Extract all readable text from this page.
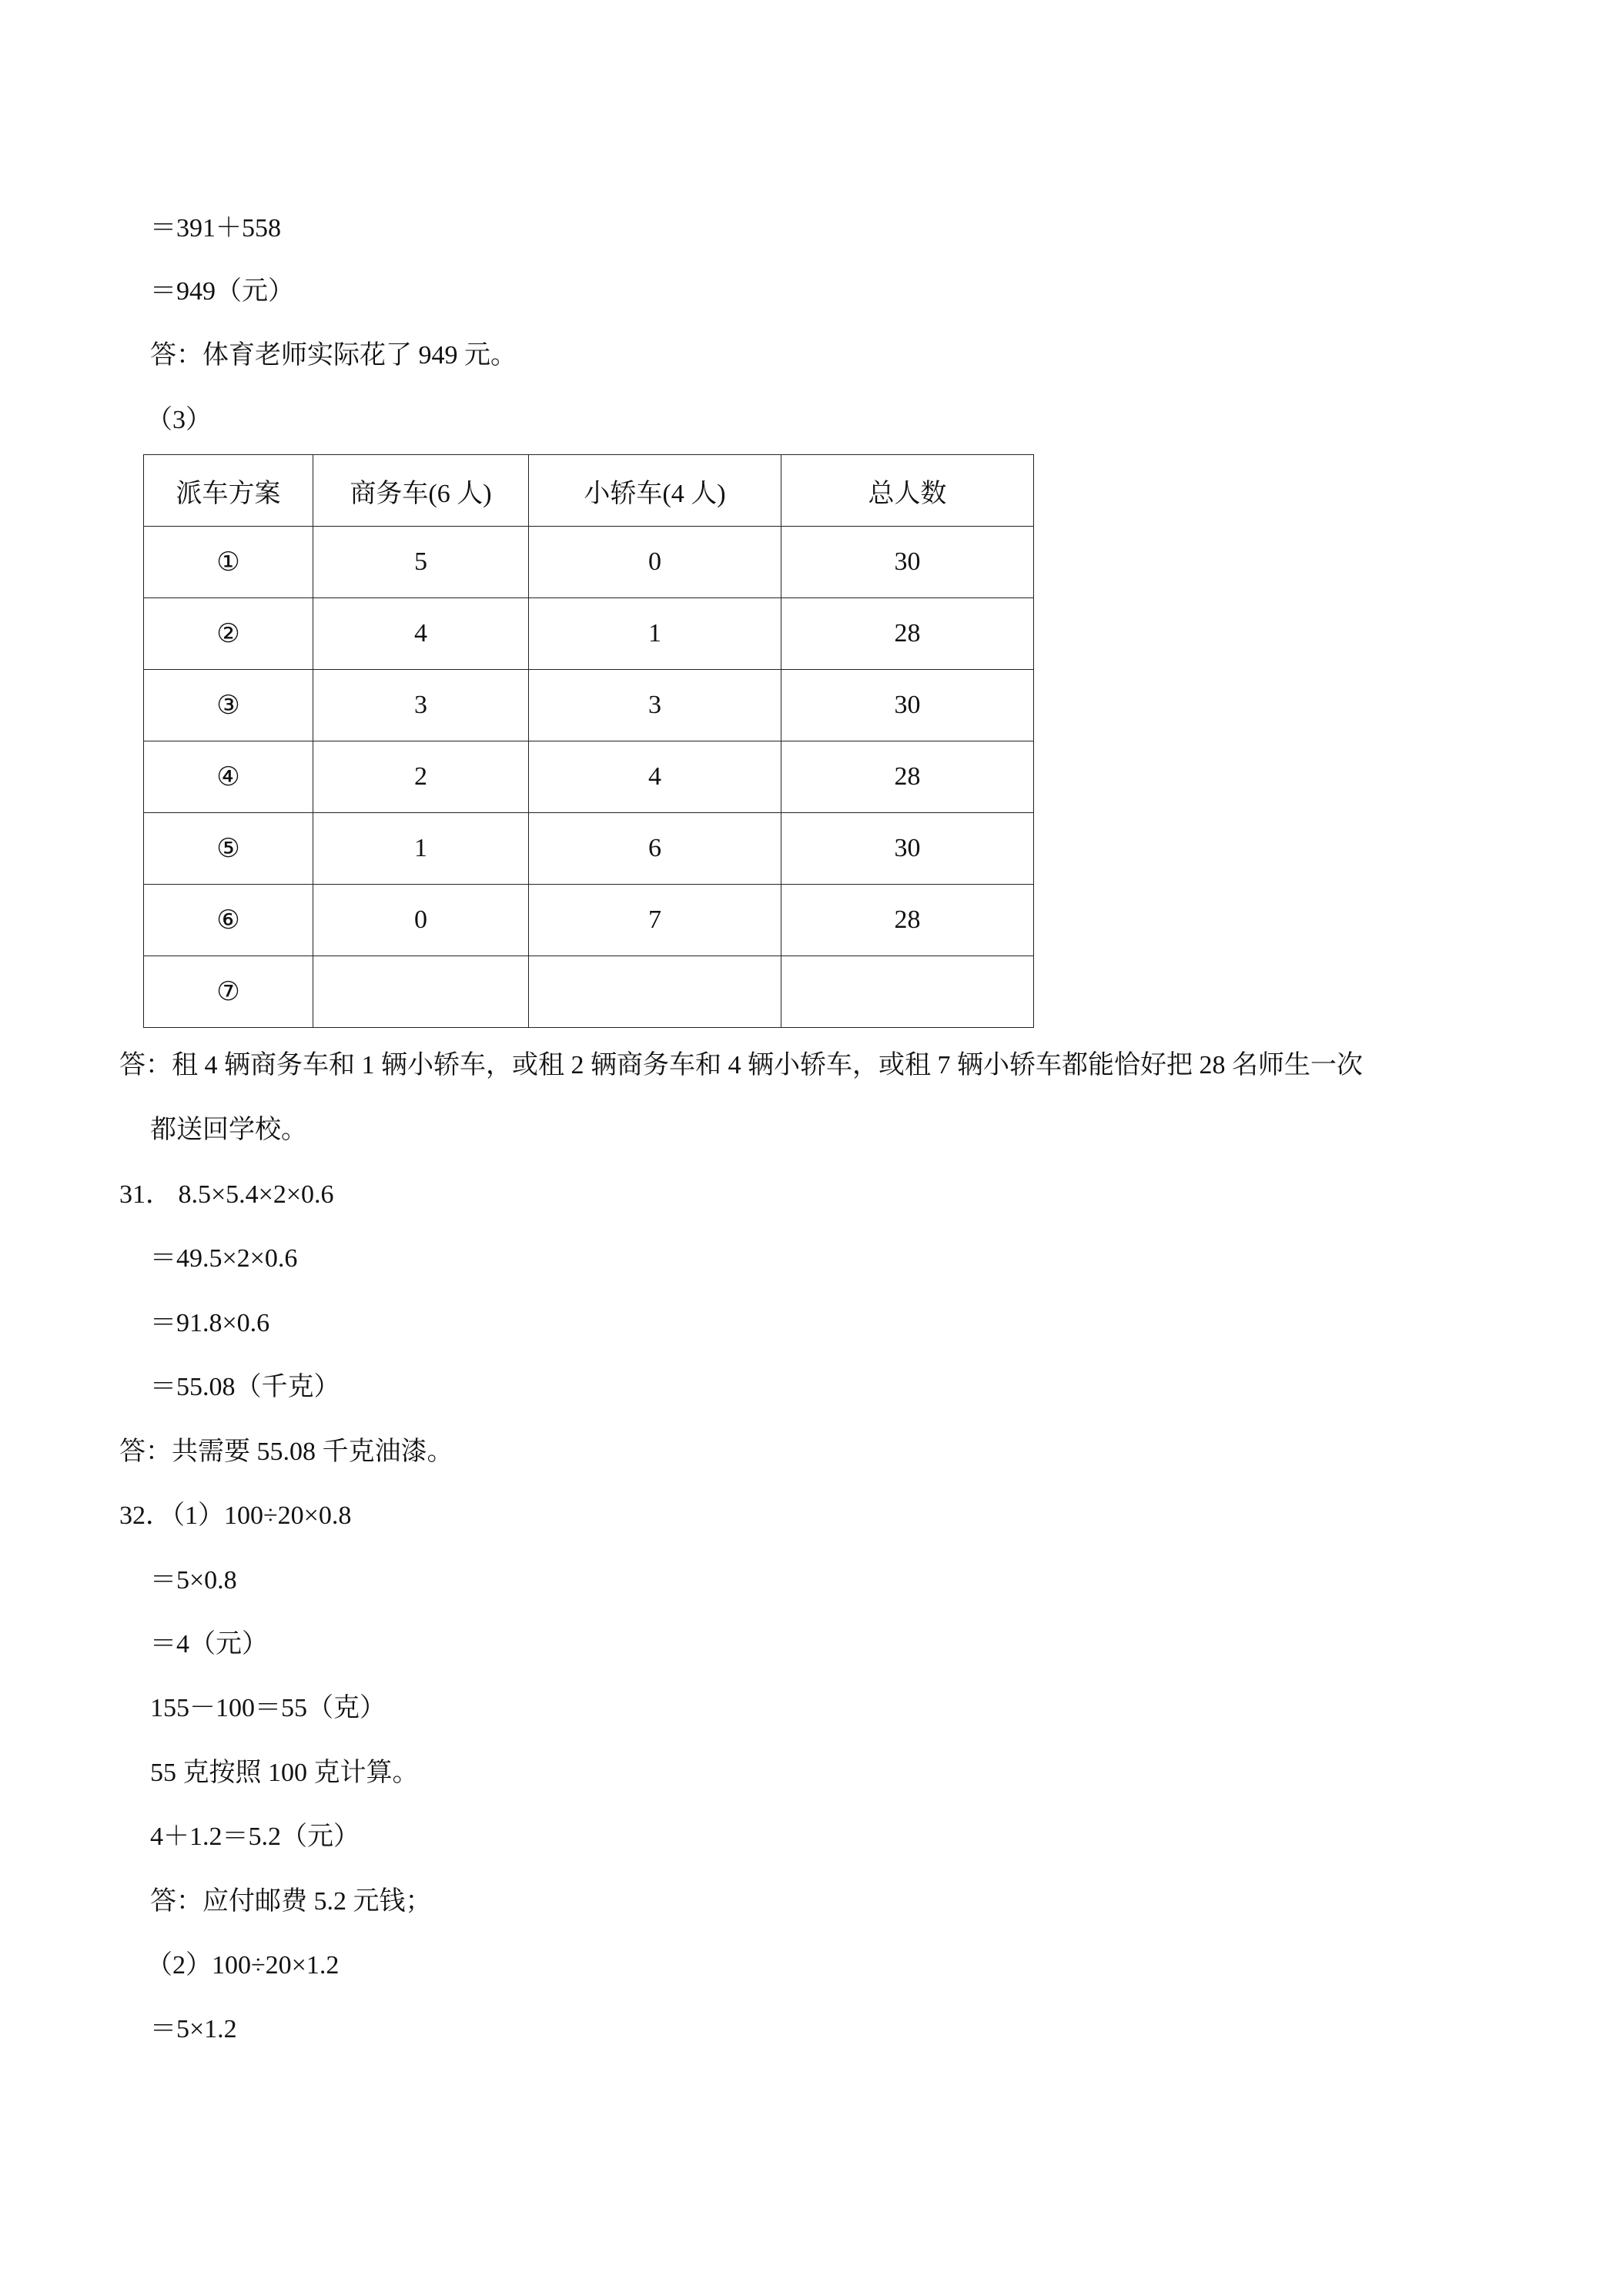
＝391＋558
＝949（元）
答：体育老师实际花了 949 元。
（3）
派车方案	商务车(6 人)	小轿车(4 人)	总人数
①	5	0	30
②	4	1	28
③	3	3	30
④	2	4	28
⑤	1	6	30
⑥	0	7	28
⑦			
答：租 4 辆商务车和 1 辆小轿车，或租 2 辆商务车和 4 辆小轿车，或租 7 辆小轿车都能恰好把 28 名师生一次
都送回学校。
31． 8.5×5.4×2×0.6
＝49.5×2×0.6
＝91.8×0.6
＝55.08（千克）
答：共需要 55.08 千克油漆。
32．（1）100÷20×0.8
＝5×0.8
＝4（元）
155－100＝55（克）
55 克按照 100 克计算。
4＋1.2＝5.2（元）
答：应付邮费 5.2 元钱；
（2）100÷20×1.2
＝5×1.2
